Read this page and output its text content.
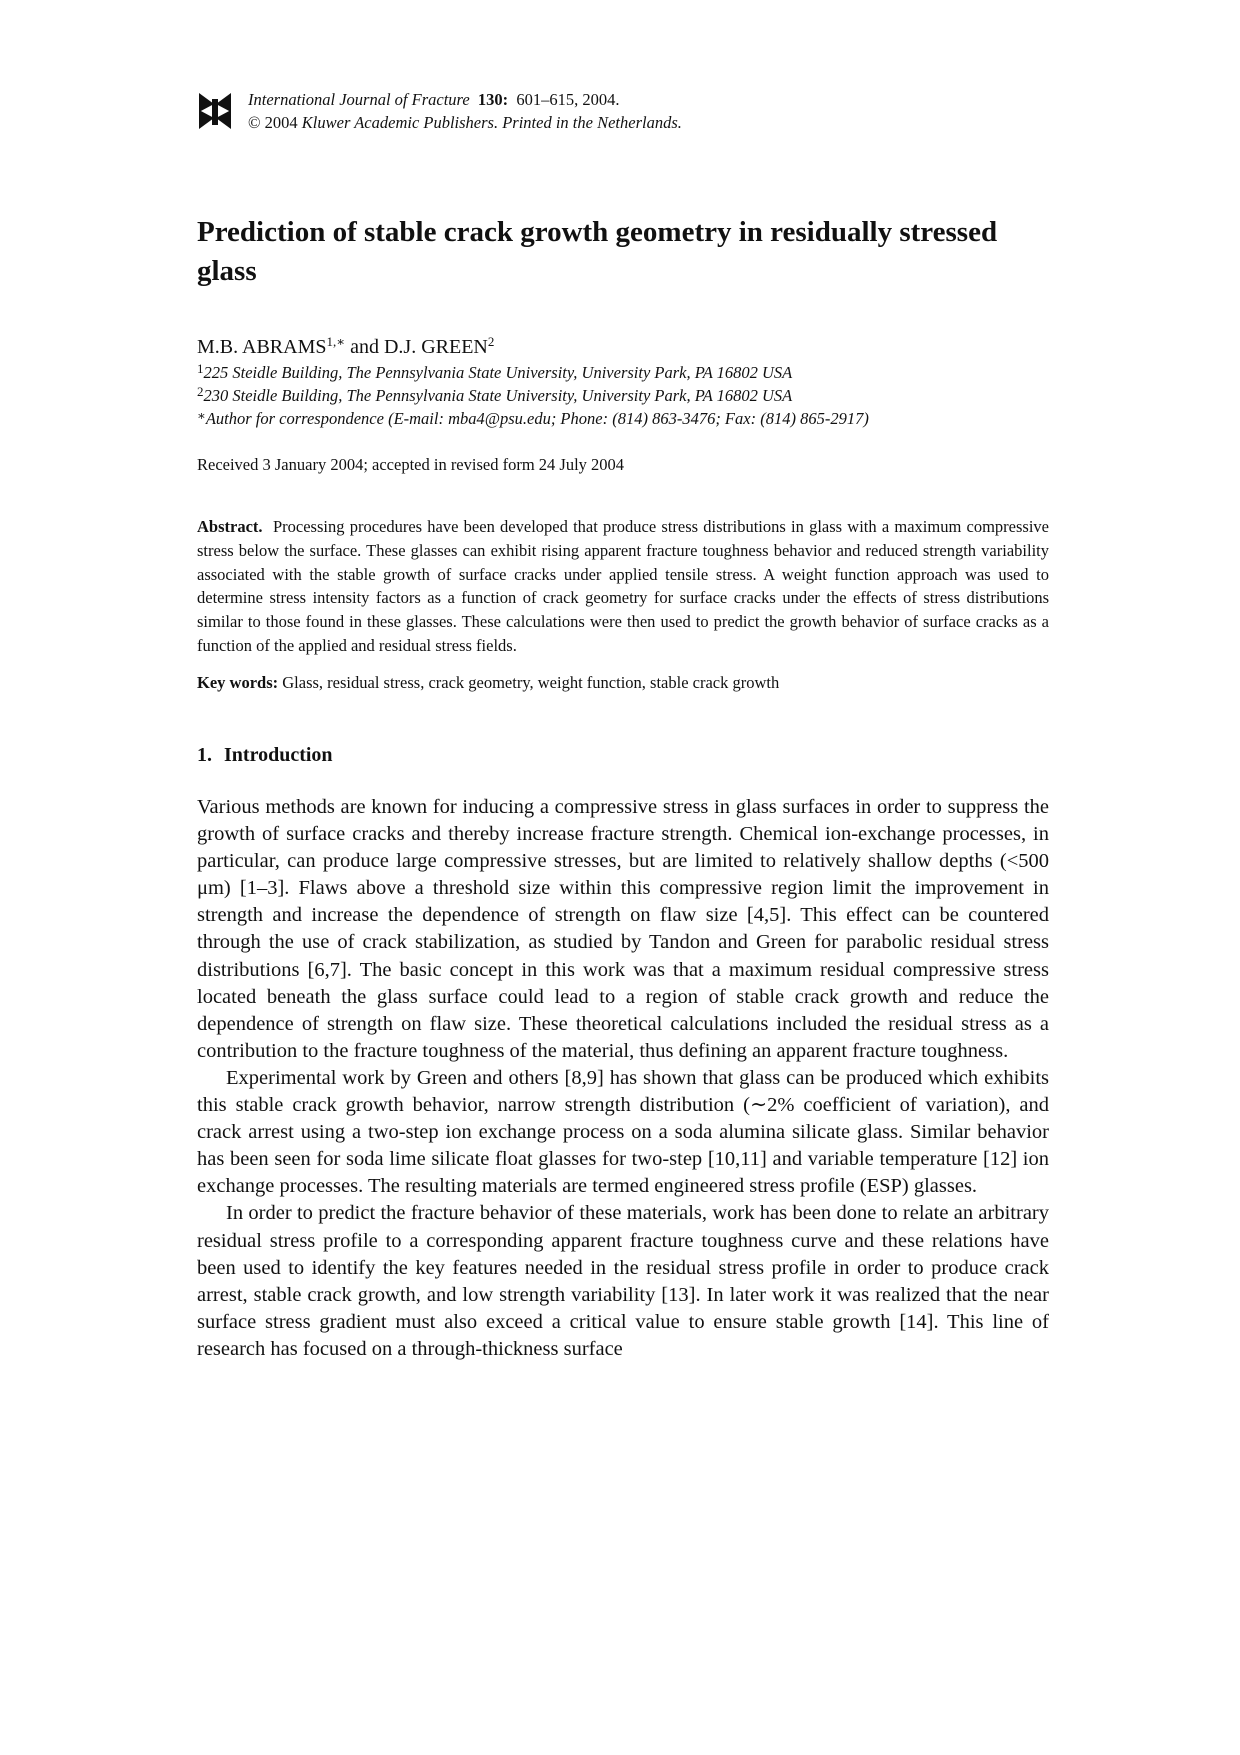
International Journal of Fracture 130: 601–615, 2004.
© 2004 Kluwer Academic Publishers. Printed in the Netherlands.
Prediction of stable crack growth geometry in residually stressed glass
M.B. $ABRAMS^{1,∗}$ and D.J. GREEN$^2$
$^1$225 Steidle Building, The Pennsylvania State University, University Park, PA 16802 USA
$^2$230 Steidle Building, The Pennsylvania State University, University Park, PA 16802 USA
∗Author for correspondence (E-mail: mba4@psu.edu; Phone: (814) 863-3476; Fax: (814) 865-2917)
Received 3 January 2004; accepted in revised form 24 July 2004

Abstract. Processing procedures have been developed that produce stress distributions in glass with a maximum compressive stress below the surface. These glasses can exhibit rising apparent fracture toughness behavior and reduced strength variability associated with the stable growth of surface cracks under applied tensile stress. A weight function approach was used to determine stress intensity factors as a function of crack geometry for surface cracks under the effects of stress distributions similar to those found in these glasses. These calculations were then used to predict the growth behavior of surface cracks as a function of the applied and residual stress fields.

Key words: Glass, residual stress, crack geometry, weight function, stable crack growth
1. Introduction

Various methods are known for inducing a compressive stress in glass surfaces in order to suppress the growth of surface cracks and thereby increase fracture strength. Chemical ion-exchange processes, in particular, can produce large compressive stresses, but are limited to relatively shallow depths (<500 μm) [1–3]. Flaws above a threshold size within this compressive region limit the improvement in strength and increase the dependence of strength on flaw size [4,5]. This effect can be countered through the use of crack stabilization, as studied by Tandon and Green for parabolic residual stress distributions [6,7]. The basic concept in this work was that a maximum residual compressive stress located beneath the glass surface could lead to a region of stable crack growth and reduce the dependence of strength on flaw size. These theoretical calculations included the residual stress as a contribution to the fracture toughness of the material, thus defining an apparent fracture toughness.

Experimental work by Green and others [8,9] has shown that glass can be produced which exhibits this stable crack growth behavior, narrow strength distribution (∼2% coefficient of variation), and crack arrest using a two-step ion exchange process on a soda alumina silicate glass. Similar behavior has been seen for soda lime silicate float glasses for two-step [10,11] and variable temperature [12] ion exchange processes. The resulting materials are termed engineered stress profile (ESP) glasses.

In order to predict the fracture behavior of these materials, work has been done to relate an arbitrary residual stress profile to a corresponding apparent fracture toughness curve and these relations have been used to identify the key features needed in the residual stress profile in order to produce crack arrest, stable crack growth, and low strength variability [13]. In later work it was realized that the near surface stress gradient must also exceed a critical value to ensure stable growth [14]. This line of research has focused on a through-thickness surface
